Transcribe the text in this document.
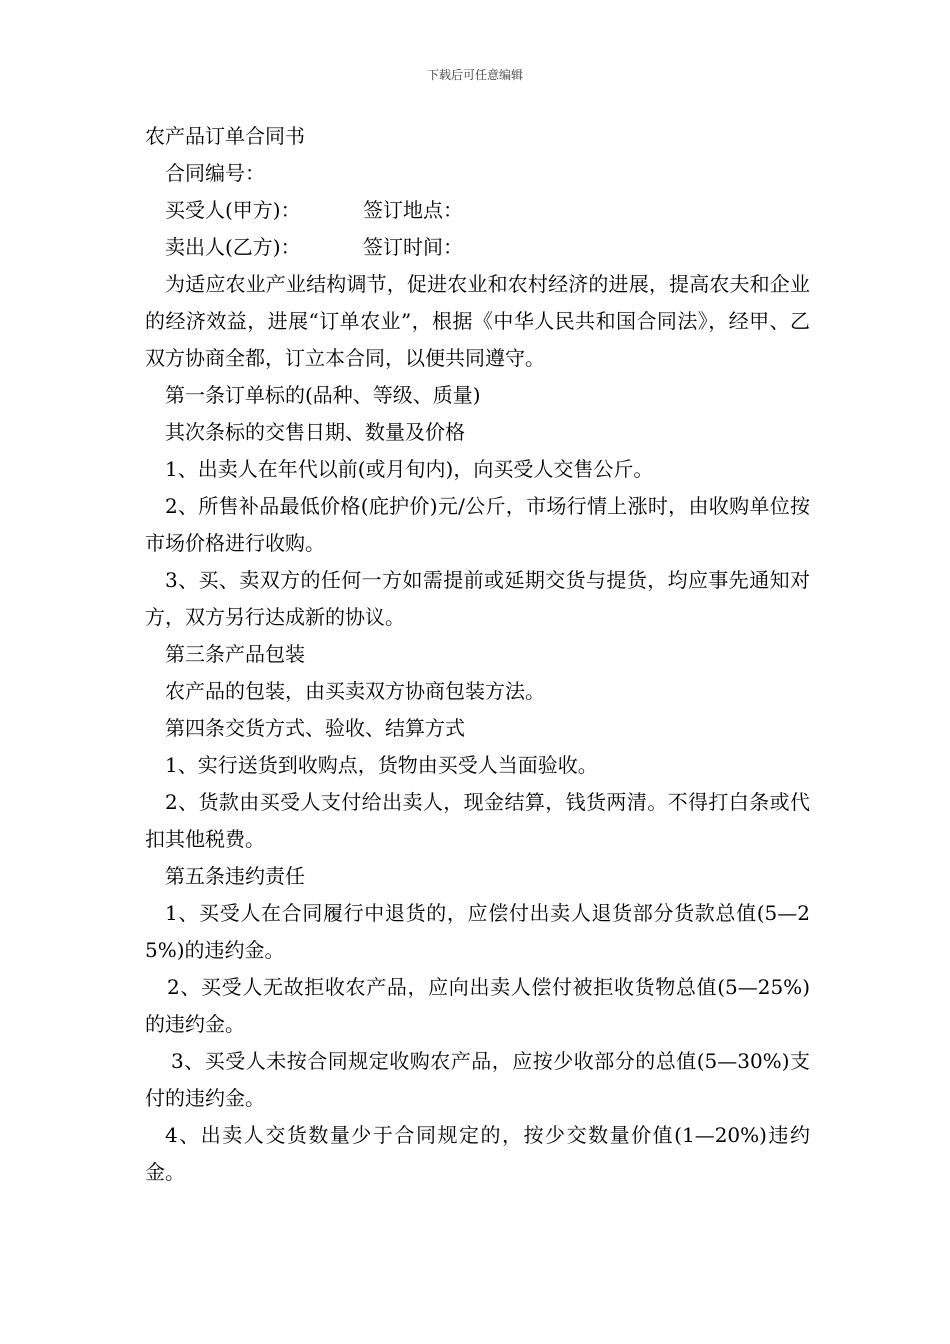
下载后可任意编辑

农产品订单合同书

合同编号：

买受人(甲方)：	签订地点：
卖出人(乙方)：	签订时间：

为适应农业产业结构调节，促进农业和农村经济的进展，提高农夫和企业的经济效益，进展“订单农业”，根据《中华人民共和国合同法》，经甲、乙双方协商全都，订立本合同，以便共同遵守。

第一条订单标的(品种、等级、质量)

其次条标的交售日期、数量及价格

1、出卖人在年代以前(或月旬内)，向买受人交售公斤。

2、所售补品最低价格(庇护价)元/公斤，市场行情上涨时，由收购单位按市场价格进行收购。

3、买、卖双方的任何一方如需提前或延期交货与提货，均应事先通知对方，双方另行达成新的协议。

第三条产品包装

农产品的包装，由买卖双方协商包装方法。

第四条交货方式、验收、结算方式

1、实行送货到收购点，货物由买受人当面验收。

2、货款由买受人支付给出卖人，现金结算，钱货两清。不得打白条或代扣其他税费。

第五条违约责任

1、买受人在合同履行中退货的，应偿付出卖人退货部分货款总值(5—25%)的违约金。

2、买受人无故拒收农产品，应向出卖人偿付被拒收货物总值(5—25%)的违约金。

3、买受人未按合同规定收购农产品，应按少收部分的总值(5—30%)支付的违约金。

4、出卖人交货数量少于合同规定的，按少交数量价值(1—20%)违约金。
